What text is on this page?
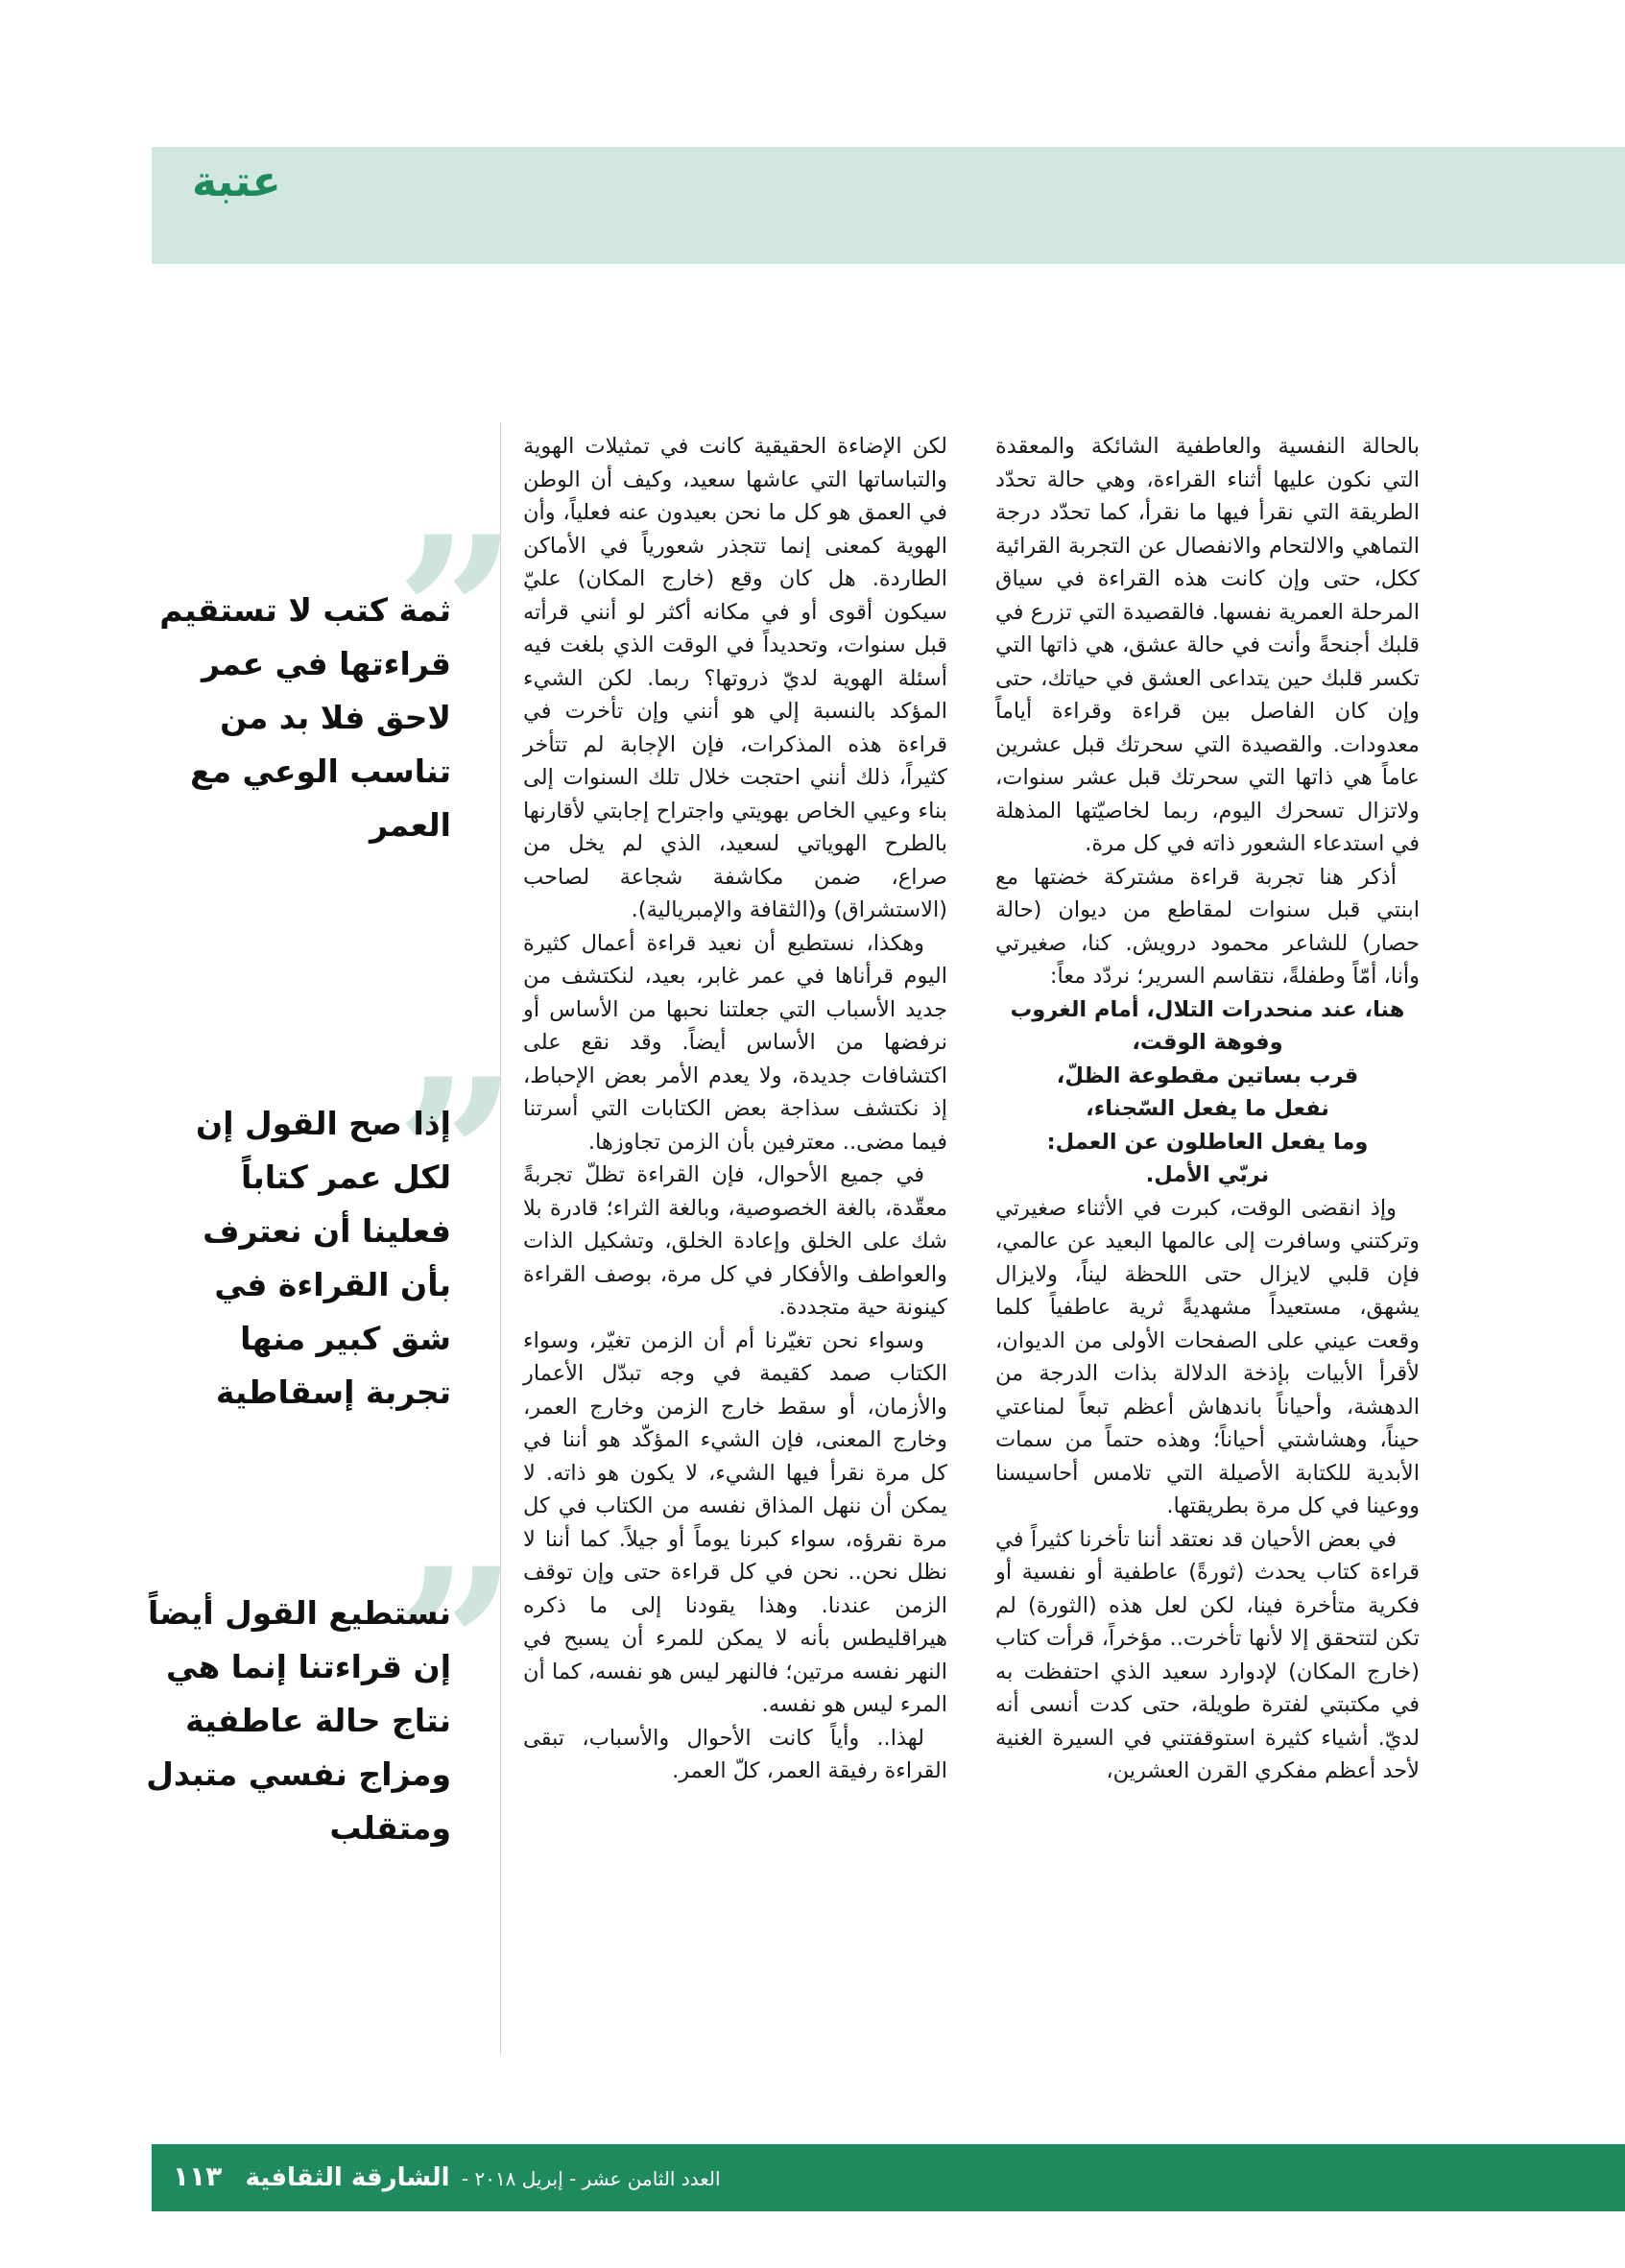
عتبة

بالحالة النفسية والعاطفية الشائكة والمعقدة التي نكون عليها أثناء القراءة، وهي حالة تحدّد الطريقة التي نقرأ فيها ما نقرأ، كما تحدّد درجة التماهي والالتحام والانفصال عن التجربة القرائية ككل، حتى وإن كانت هذه القراءة في سياق المرحلة العمرية نفسها. فالقصيدة التي تزرع في قلبك أجنحةً وأنت في حالة عشق، هي ذاتها التي تكسر قلبك حين يتداعى العشق في حياتك، حتى وإن كان الفاصل بين قراءة وقراءة أياماً معدودات. والقصيدة التي سحرتك قبل عشرين عاماً هي ذاتها التي سحرتك قبل عشر سنوات، ولاتزال تسحرك اليوم، ربما لخاصيّتها المذهلة في استدعاء الشعور ذاته في كل مرة.

أذكر هنا تجربة قراءة مشتركة خضتها مع ابنتي قبل سنوات لمقاطع من ديوان (حالة حصار) للشاعر محمود درويش. كنا، صغيرتي وأنا، أمّاً وطفلةً، نتقاسم السرير؛ نردّد معاً:

هنا، عند منحدرات التلال، أمام الغروب
وفوهة الوقت،
قرب بساتين مقطوعة الظلّ،
نفعل ما يفعل السّجناء،
وما يفعل العاطلون عن العمل:
نربّي الأمل.

وإذ انقضى الوقت، كبرت في الأثناء صغيرتي وتركتني وسافرت إلى عالمها البعيد عن عالمي، فإن قلبي لايزال حتى اللحظة ليناً، ولايزال يشهق، مستعيداً مشهديةً ثرية عاطفياً كلما وقعت عيني على الصفحات الأولى من الديوان، لأقرأ الأبيات بإذخة الدلالة بذات الدرجة من الدهشة، وأحياناً باندهاش أعظم تبعاً لمناعتي حيناً، وهشاشتي أحياناً؛ وهذه حتماً من سمات الأبدية للكتابة الأصيلة التي تلامس أحاسيسنا ووعينا في كل مرة بطريقتها.

في بعض الأحيان قد نعتقد أننا تأخرنا كثيراً في قراءة كتاب يحدث (ثورةً) عاطفية أو نفسية أو فكرية متأخرة فينا، لكن لعل هذه (الثورة) لم تكن لتتحقق إلا لأنها تأخرت.. مؤخراً، قرأت كتاب (خارج المكان) لإدوارد سعيد الذي احتفظت به في مكتبتي لفترة طويلة، حتى كدت أنسى أنه لديّ. أشياء كثيرة استوقفتني في السيرة الغنية لأحد أعظم مفكري القرن العشرين،

لكن الإضاءة الحقيقية كانت في تمثيلات الهوية والتباساتها التي عاشها سعيد، وكيف أن الوطن في العمق هو كل ما نحن بعيدون عنه فعلياً، وأن الهوية كمعنى إنما تتجذر شعورياً في الأماكن الطاردة. هل كان وقع (خارج المكان) عليّ سيكون أقوى أو في مكانه أكثر لو أنني قرأته قبل سنوات، وتحديداً في الوقت الذي بلغت فيه أسئلة الهوية لديّ ذروتها؟ ربما. لكن الشيء المؤكد بالنسبة إلي هو أنني وإن تأخرت في قراءة هذه المذكرات، فإن الإجابة لم تتأخر كثيراً، ذلك أنني احتجت خلال تلك السنوات إلى بناء وعيي الخاص بهويتي واجتراح إجابتي لأقارنها بالطرح الهوياتي لسعيد، الذي لم يخل من صراع، ضمن مكاشفة شجاعة لصاحب (الاستشراق) و(الثقافة والإمبريالية).

وهكذا، نستطيع أن نعيد قراءة أعمال كثيرة اليوم قرأناها في عمر غابر، بعيد، لنكتشف من جديد الأسباب التي جعلتنا نحبها من الأساس أو نرفضها من الأساس أيضاً. وقد نقع على اكتشافات جديدة، ولا يعدم الأمر بعض الإحباط، إذ نكتشف سذاجة بعض الكتابات التي أسرتنا فيما مضى.. معترفين بأن الزمن تجاوزها.

في جميع الأحوال، فإن القراءة تظلّ تجربةً معقّدة، بالغة الخصوصية، وبالغة الثراء؛ قادرة بلا شك على الخلق وإعادة الخلق، وتشكيل الذات والعواطف والأفكار في كل مرة، بوصف القراءة كينونة حية متجددة.

وسواء نحن تغيّرنا أم أن الزمن تغيّر، وسواء الكتاب صمد كقيمة في وجه تبدّل الأعمار والأزمان، أو سقط خارج الزمن وخارج العمر، وخارج المعنى، فإن الشيء المؤكّد هو أننا في كل مرة نقرأ فيها الشيء، لا يكون هو ذاته. لا يمكن أن ننهل المذاق نفسه من الكتاب في كل مرة نقرؤه، سواء كبرنا يوماً أو جيلاً. كما أننا لا نظل نحن.. نحن في كل قراءة حتى وإن توقف الزمن عندنا. وهذا يقودنا إلى ما ذكره هيراقليطس بأنه لا يمكن للمرء أن يسبح في النهر نفسه مرتين؛ فالنهر ليس هو نفسه، كما أن المرء ليس هو نفسه.

لهذا.. وأياً كانت الأحوال والأسباب، تبقى القراءة رفيقة العمر، كلّ العمر.

”

ثمة كتب لا تستقيم قراءتها في عمر لاحق فلا بد من تناسب الوعي مع العمر

”

إذا صح القول إن لكل عمر كتاباً فعلينا أن نعترف بأن القراءة في شق كبير منها تجربة إسقاطية

”

نستطيع القول أيضاً إن قراءتنا إنما هي نتاج حالة عاطفية ومزاج نفسي متبدل ومتقلب

العدد الثامن عشر - إبريل ٢٠١٨ - الشارقة الثقافية ١١٣
